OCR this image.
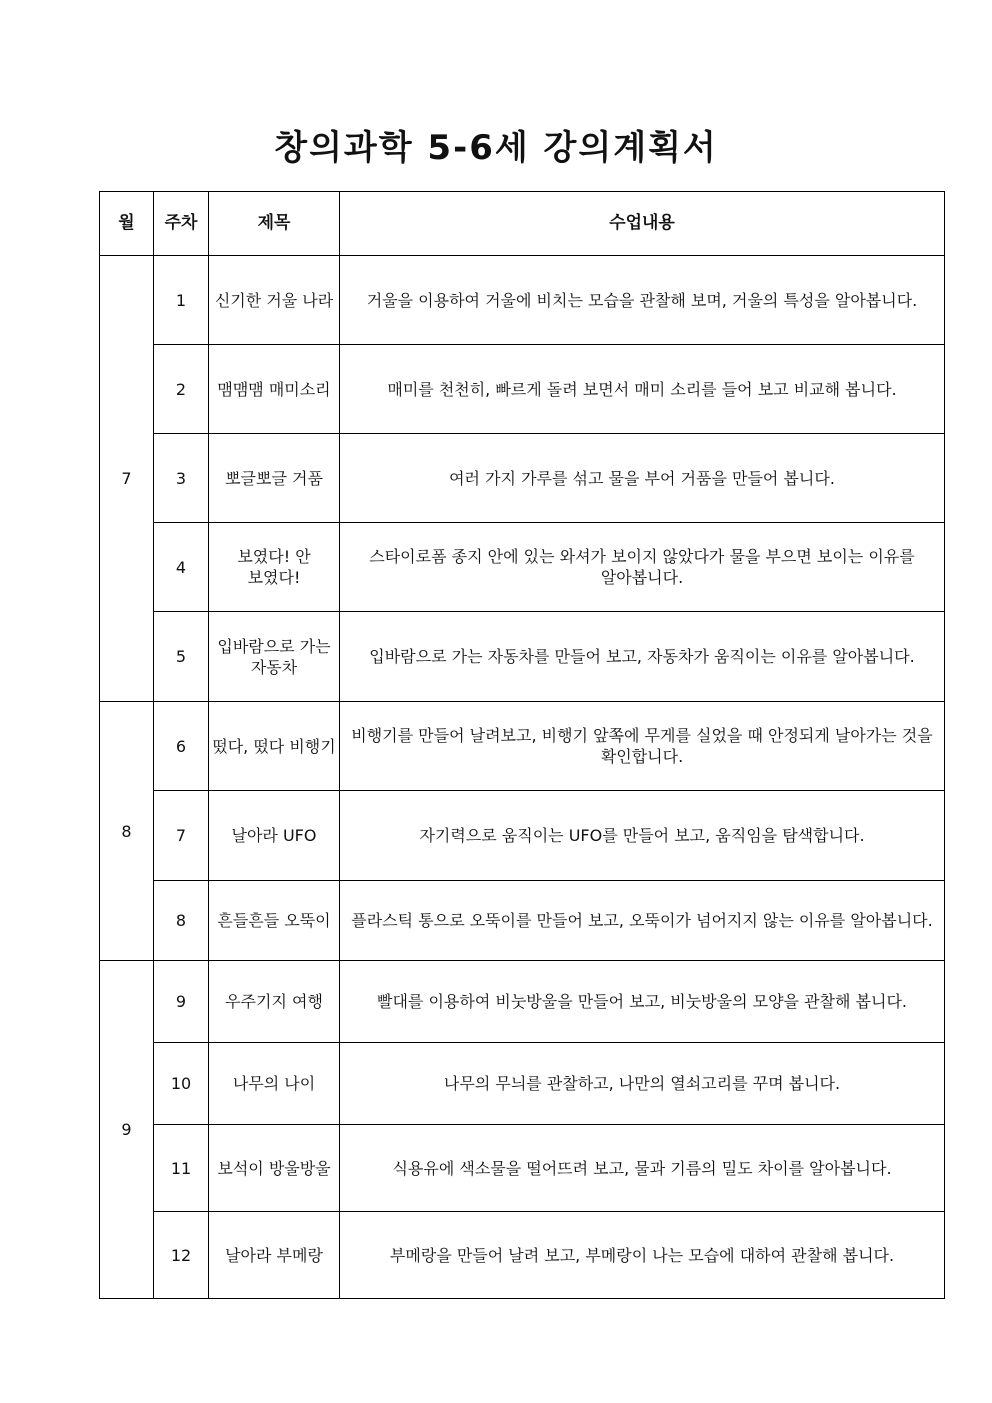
창의과학 5-6세 강의계획서
월	주차	제목	수업내용
7	1	신기한 거울 나라	거울을 이용하여 거울에 비치는 모습을 관찰해 보며, 거울의 특성을 알아봅니다.
	2	맴맴맴 매미소리	매미를 천천히, 빠르게 돌려 보면서 매미 소리를 들어 보고 비교해 봅니다.
	3	뽀글뽀글 거품	여러 가지 가루를 섞고 물을 부어 거품을 만들어 봅니다.
	4	보였다! 안 보였다!	스타이로폼 종지 안에 있는 와셔가 보이지 않았다가 물을 부으면 보이는 이유를 알아봅니다.
	5	입바람으로 가는 자동차	입바람으로 가는 자동차를 만들어 보고, 자동차가 움직이는 이유를 알아봅니다.
8	6	떴다, 떴다 비행기	비행기를 만들어 날려보고, 비행기 앞쪽에 무게를 실었을 때 안정되게 날아가는 것을 확인합니다.
	7	날아라 UFO	자기력으로 움직이는 UFO를 만들어 보고, 움직임을 탐색합니다.
	8	흔들흔들 오뚝이	플라스틱 통으로 오뚝이를 만들어 보고, 오뚝이가 넘어지지 않는 이유를 알아봅니다.
9	9	우주기지 여행	빨대를 이용하여 비눗방울을 만들어 보고, 비눗방울의 모양을 관찰해 봅니다.
	10	나무의 나이	나무의 무늬를 관찰하고, 나만의 열쇠고리를 꾸며 봅니다.
	11	보석이 방울방울	식용유에 색소물을 떨어뜨려 보고, 물과 기름의 밀도 차이를 알아봅니다.
	12	날아라 부메랑	부메랑을 만들어 날려 보고, 부메랑이 나는 모습에 대하여 관찰해 봅니다.
